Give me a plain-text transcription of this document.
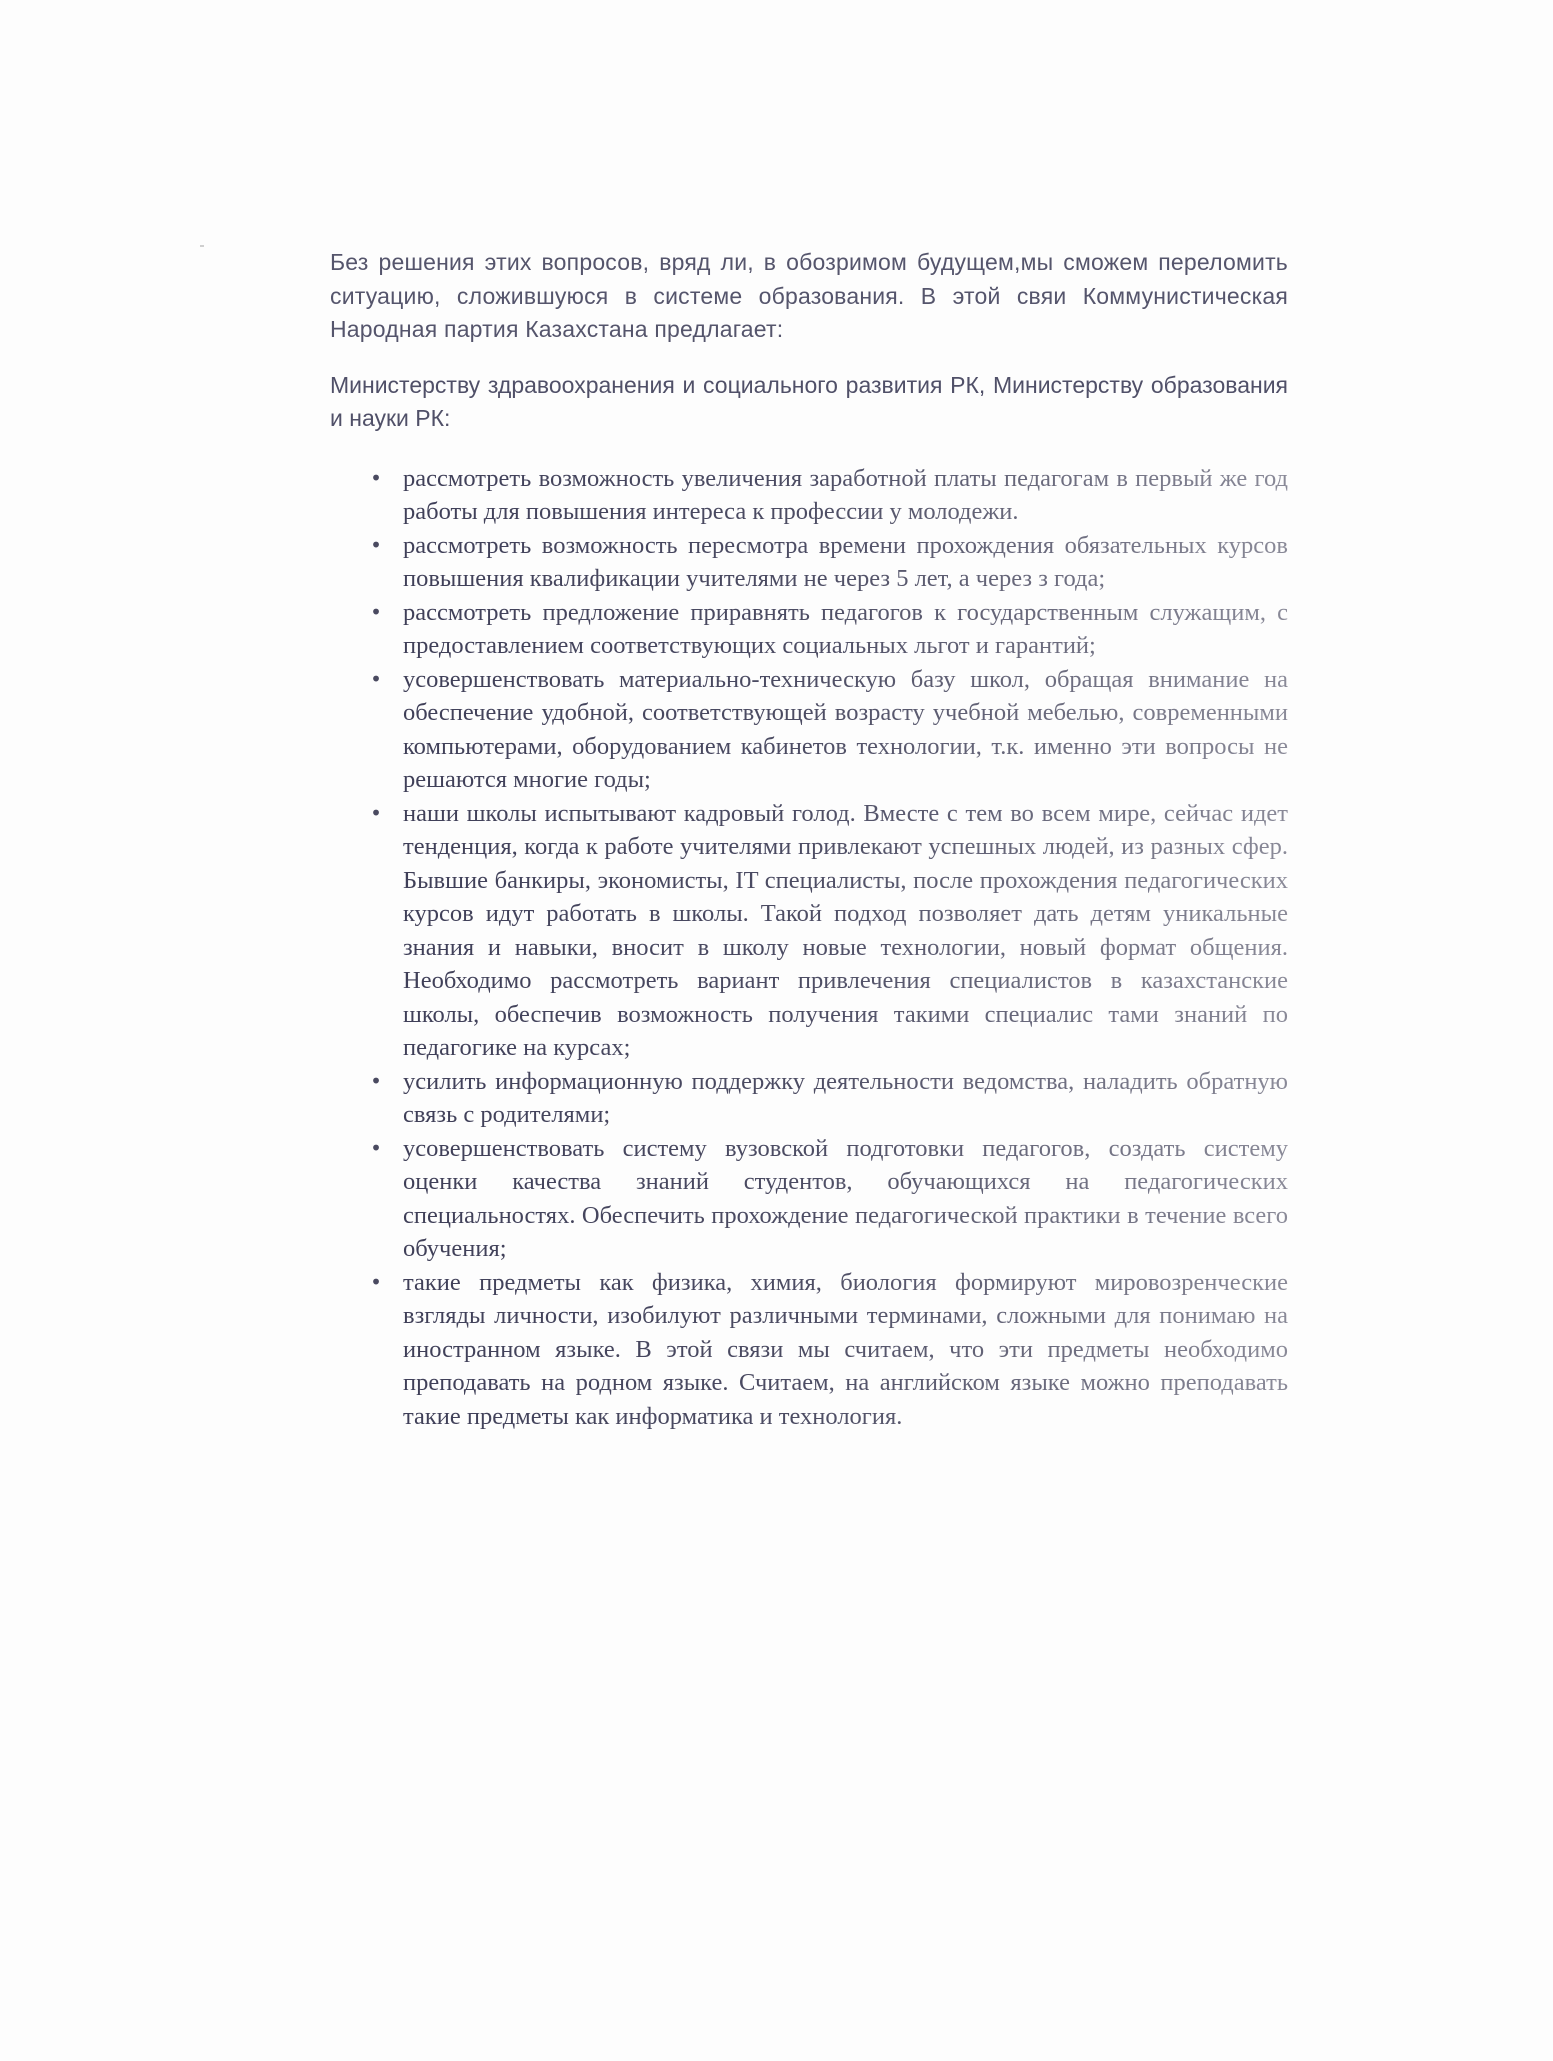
Без решения этих вопросов, вряд ли, в обозримом будущем,мы сможем переломить ситуацию, сложившуюся в системе образования. В этой свяи Коммунистическая Народная партия Казахстана предлагает:

Министерству здравоохранения и социального развития РК, Министерству образования и науки РК:

• рассмотреть возможность увеличения заработной платы педагогам в первый же год работы для повышения интереса к профессии у молодежи.
• рассмотреть возможность пересмотра времени прохождения обязательных курсов повышения квалификации учителями не через 5 лет, а через з года;
• рассмотреть предложение приравнять педагогов к государственным служащим, с предоставлением соответствующих социальных льгот и гарантий;
• усовершенствовать материально-техническую базу школ, обращая внимание на обеспечение удобной, соответствующей возрасту учебной мебелью, современными компьютерами, оборудованием кабинетов технологии, т.к. именно эти вопросы не решаются многие годы;
• наши школы испытывают кадровый голод. Вместе с тем во всем мире, сейчас идет тенденция, когда к работе учителями привлекают успешных людей, из разных сфер. Бывшие банкиры, экономисты, IT специалисты, после прохождения педагогических курсов идут работать в школы. Такой подход позволяет дать детям уникальные знания и навыки, вносит в школу новые технологии, новый формат общения. Необходимо рассмотреть вариант привлечения специалистов в казахстанские школы, обеспечив возможность получения такими специалис тами знаний по педагогике на курсах;
• усилить информационную поддержку деятельности ведомства, наладить обратную связь с родителями;
• усовершенствовать систему вузовской подготовки педагогов, создать систему оценки качества знаний студентов, обучающихся на педагогических специальностях. Обеспечить прохождение педагогической практики в течение всего обучения;
• такие предметы как физика, химия, биология формируют мировозренческие взгляды личности, изобилуют различными терминами, сложными для понимаю на иностранном языке. В этой связи мы считаем, что эти предметы необходимо преподавать на родном языке. Считаем, на английском языке можно преподавать такие предметы как информатика и технология.
